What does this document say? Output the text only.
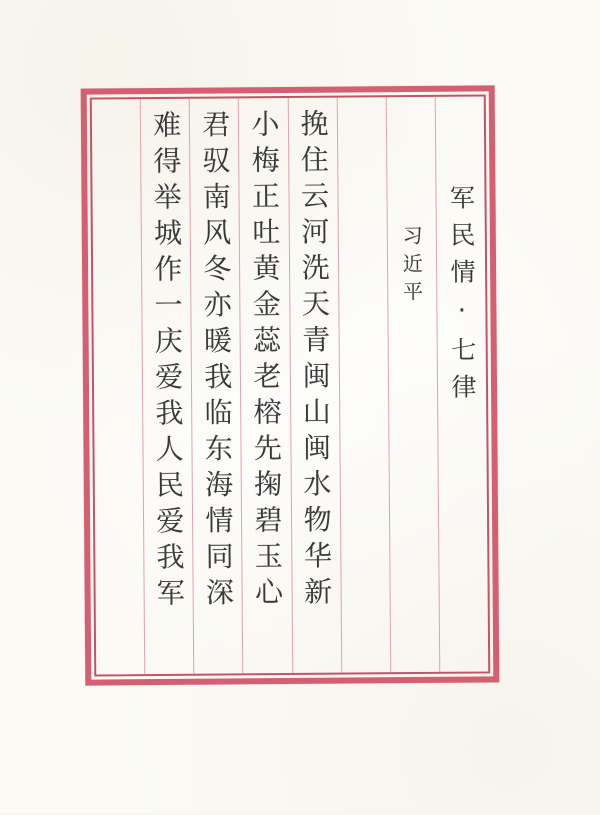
军民情·七律
习近平
挽住云河洗天青闽山闽水物华新
小梅正吐黄金蕊老榕先掬碧玉心
君驭南风冬亦暖我临东海情同深
难得举城作一庆爱我人民爱我军
